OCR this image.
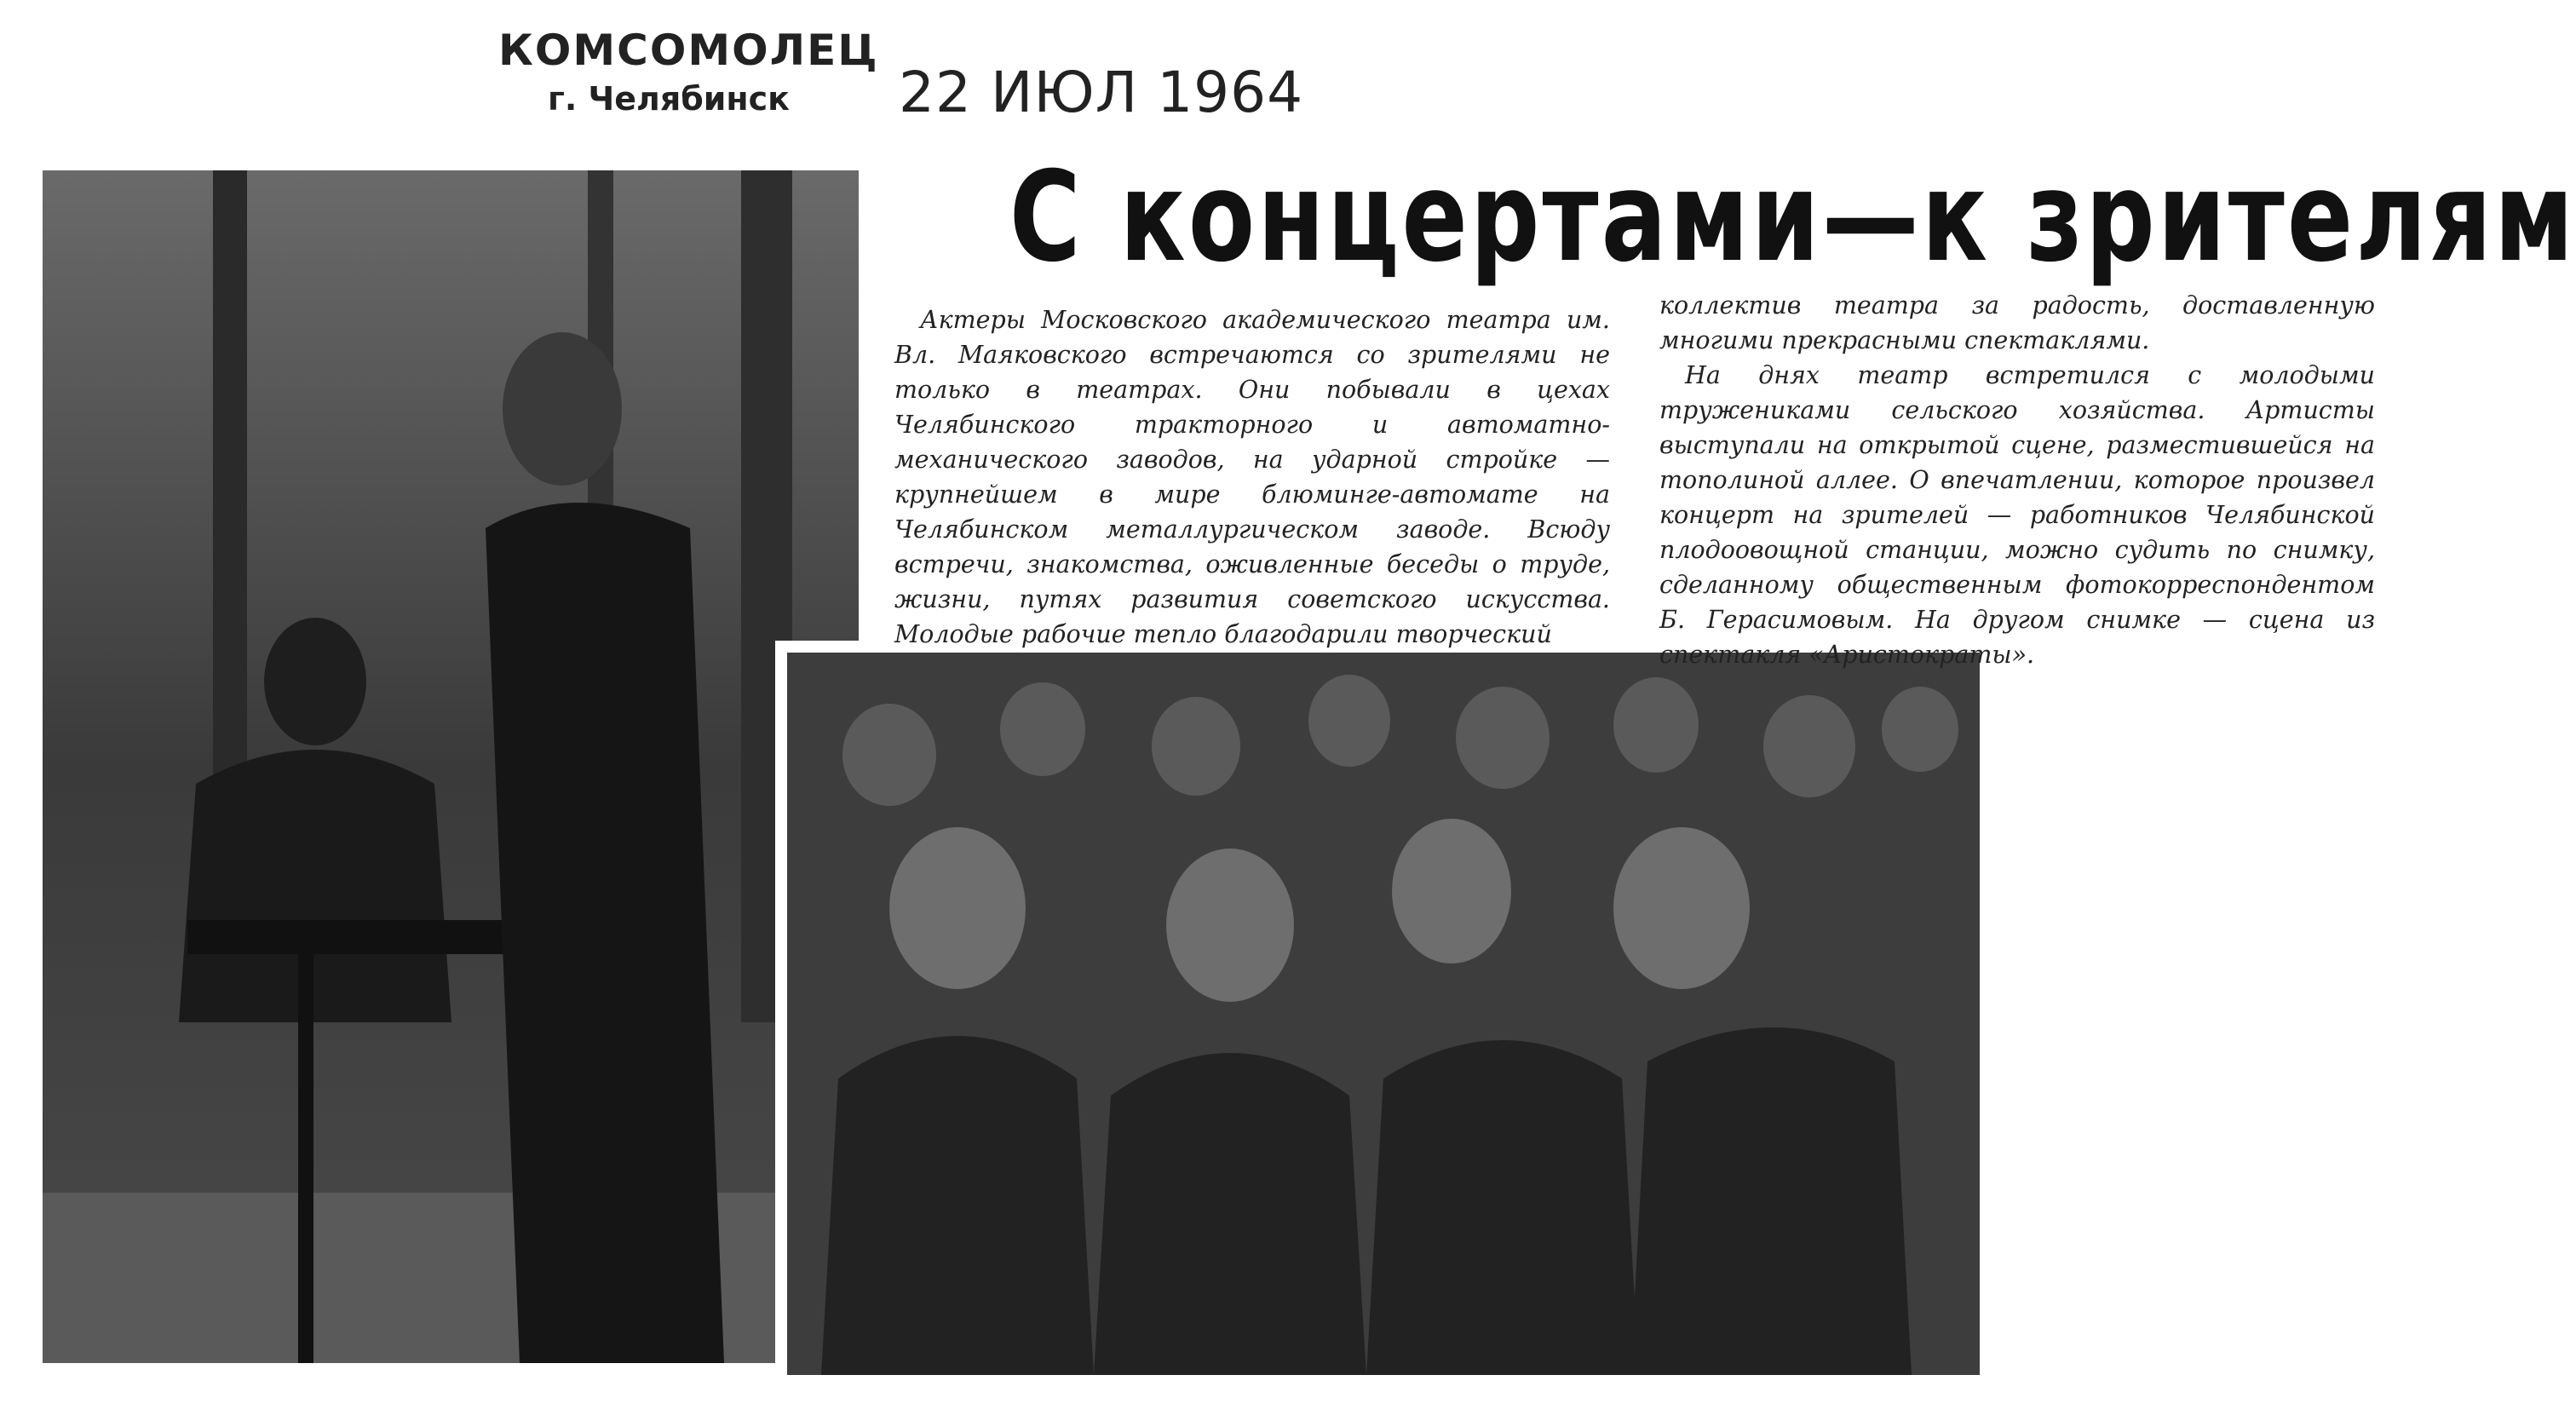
КОМСОМОЛЕЦ
г. Челябинск	22 ИЮЛ 1964
С концертами—к зрителям

Актеры Московского академического театра им. Вл. Маяковского встречаются со зрителями не только в театрах. Они побывали в цехах Челябинского тракторного и автоматно-механического заводов, на ударной стройке — крупнейшем в мире блюминге-автомате на Челябинском металлургическом заводе. Всюду встречи, знакомства, оживленные беседы о труде, жизни, путях развития советского искусства. Молодые рабочие тепло благодарили творческий

коллектив театра за радость, доставленную многими прекрасными спектаклями.

На днях театр встретился с молодыми тружениками сельского хозяйства. Артисты выступали на открытой сцене, разместившейся на тополиной аллее. О впечатлении, которое произвел концерт на зрителей — работников Челябинской плодоовощной станции, можно судить по снимку, сделанному общественным фотокорреспондентом Б. Герасимовым. На другом снимке — сцена из спектакля «Аристократы».
